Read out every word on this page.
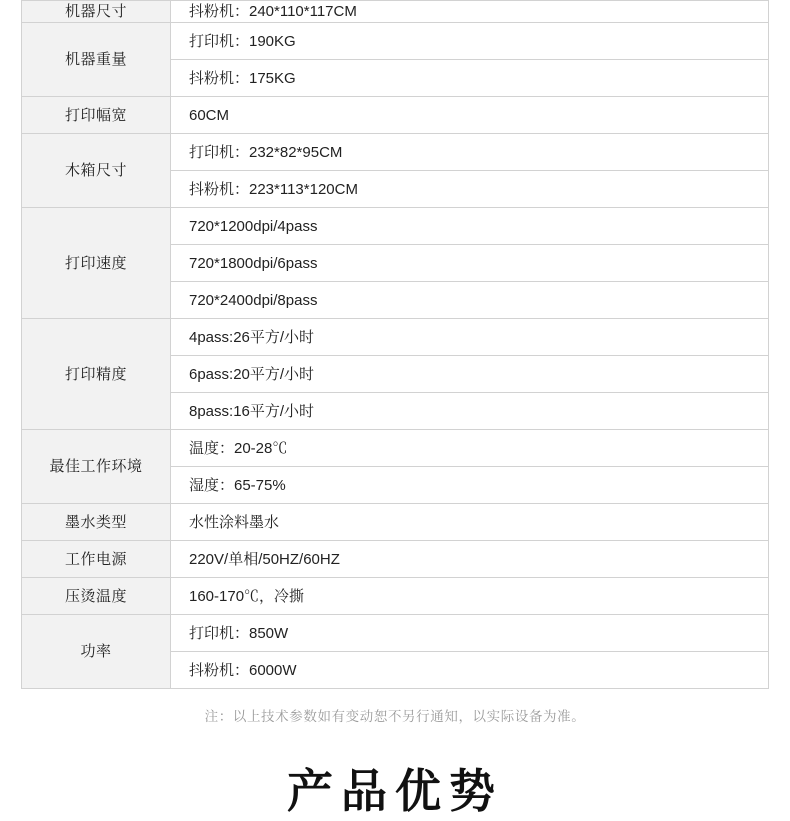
机器尺寸	抖粉机：240*110*117CM
机器重量	打印机：190KG
	抖粉机：175KG
打印幅宽	60CM
木箱尺寸	打印机：232*82*95CM
	抖粉机：223*113*120CM
打印速度	720*1200dpi/4pass
	720*1800dpi/6pass
	720*2400dpi/8pass
打印精度	4pass:26平方/小时
	6pass:20平方/小时
	8pass:16平方/小时
最佳工作环境	温度：20-28℃
	湿度：65-75%
墨水类型	水性涂料墨水
工作电源	220V/单相/50HZ/60HZ
压烫温度	160-170℃，冷撕
功率	打印机：850W
	抖粉机：6000W
注：以上技术参数如有变动恕不另行通知，以实际设备为准。
产品优势
